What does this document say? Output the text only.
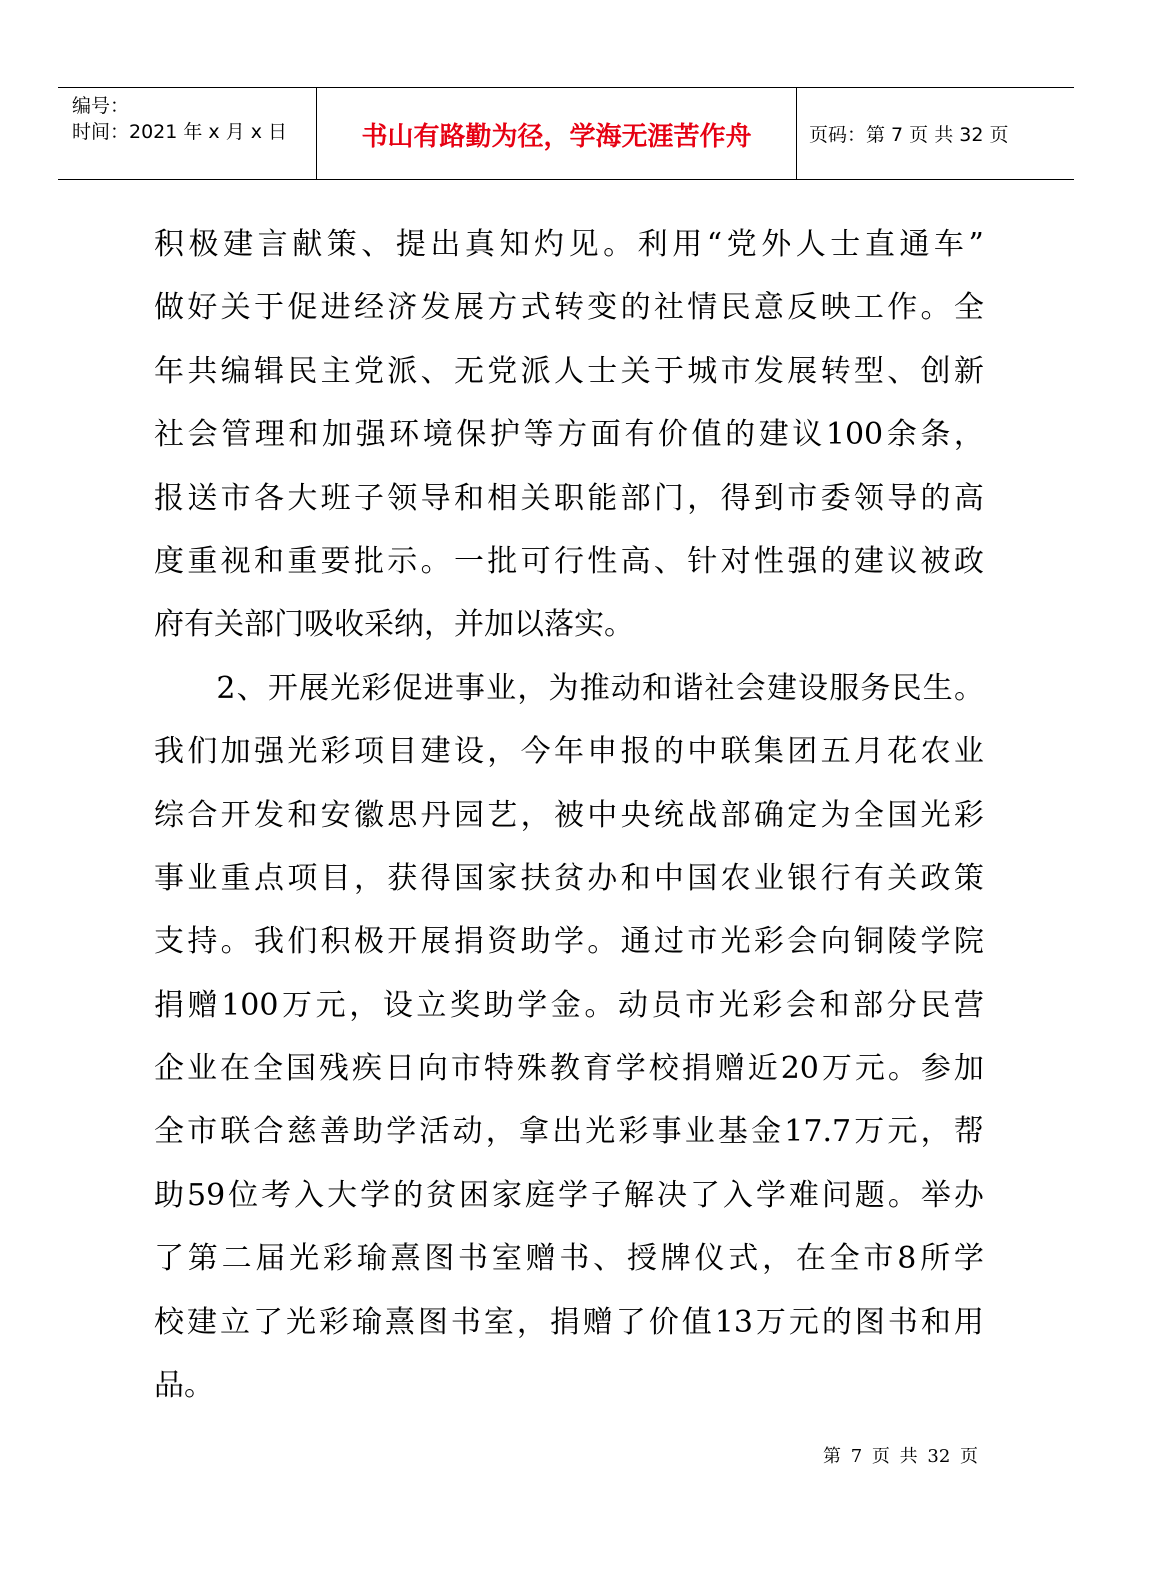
编号：
时间：2021 年 x 月 x 日	书山有路勤为径，学海无涯苦作舟	页码：第 7 页 共 32 页
积 极 建 言 献 策 、 提 出 真 知 灼 见 。 利 用 “ 党 外 人 士 直 通 车 ”
做 好 关 于 促 进 经 济 发 展 方 式 转 变 的 社 情 民 意 反 映 工 作 。 全
年 共 编 辑 民 主 党 派 、 无 党 派 人 士 关 于 城 市 发 展 转 型 、 创 新
社 会 管 理 和 加 强 环 境 保 护 等 方 面 有 价 值 的 建 议 100 余 条 ，
报 送 市 各 大 班 子 领 导 和 相 关 职 能 部 门 ， 得 到 市 委 领 导 的 高
度 重 视 和 重 要 批 示 。 一 批 可 行 性 高 、 针 对 性 强 的 建 议 被 政
府有关部门吸收采纳，并加以落实。

2 、 开 展 光 彩 促 进 事 业 ， 为 推 动 和 谐 社 会 建 设 服 务 民 生 。
我 们 加 强 光 彩 项 目 建 设 ， 今 年 申 报 的 中 联 集 团 五 月 花 农 业
综 合 开 发 和 安 徽 思 丹 园 艺 ， 被 中 央 统 战 部 确 定 为 全 国 光 彩
事 业 重 点 项 目 ， 获 得 国 家 扶 贫 办 和 中 国 农 业 银 行 有 关 政 策
支 持 。 我 们 积 极 开 展 捐 资 助 学 。 通 过 市 光 彩 会 向 铜 陵 学 院
捐 赠 100 万 元 ， 设 立 奖 助 学 金 。 动 员 市 光 彩 会 和 部 分 民 营
企 业 在 全 国 残 疾 日 向 市 特 殊 教 育 学 校 捐 赠 近 20 万 元 。 参 加
全 市 联 合 慈 善 助 学 活 动 ， 拿 出 光 彩 事 业 基 金 17.7 万 元 ， 帮
助 59 位 考 入 大 学 的 贫 困 家 庭 学 子 解 决 了 入 学 难 问 题 。 举 办
了 第 二 届 光 彩 瑜 熹 图 书 室 赠 书 、 授 牌 仪 式 ， 在 全 市 8 所 学
校 建 立 了 光 彩 瑜 熹 图 书 室 ， 捐 赠 了 价 值 13 万 元 的 图 书 和 用
品。
第 7 页 共 32 页
